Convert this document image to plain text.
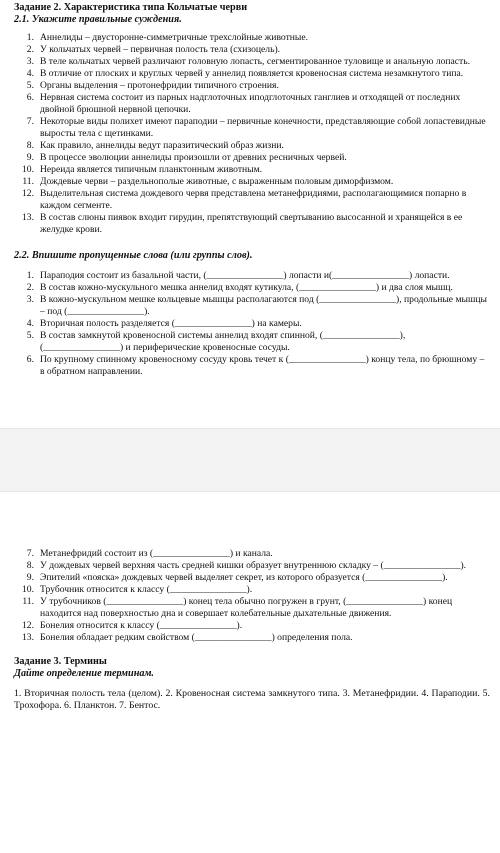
Задание 2. Характеристика типа Кольчатые черви
2.1. Укажите правильные суждения.
1. Аннелиды – двусторонне-симметричные трехслойные животные.
2. У кольчатых червей – первичная полость тела (схизоцель).
3. В теле кольчатых червей различают головную лопасть, сегментированное туловище и анальную лопасть.
4. В отличие от плоских и круглых червей у аннелид появляется кровеносная система незамкнутого типа.
5. Органы выделения – протонефридии типичного строения.
6. Нервная система состоит из парных надглоточных иподглоточных ганглиев и отходящей от последних двойной брюшной нервной цепочки.
7. Некоторые виды полихет имеют параподии – первичные конечности, представляющие собой лопастевидные выросты тела с щетинками.
8. Как правило, аннелиды ведут паразитический образ жизни.
9. В процессе эволюции аннелиды произошли от древних ресничных червей.
10. Нереида является типичным планктонным животным.
11. Дождевые черви – раздельнополые животные, с выраженным половым диморфизмом.
12. Выделительная система дождевого червя представлена метанефридиями, располагающимися попарно в каждом сегменте.
13. В состав слюны пиявок входит гирудин, препятствующий свертыванию высосанной и хранящейся в ее желудке крови.
2.2. Впишите пропущенные слова (или группы слов).
1. Параподия состоит из базальной части, (________________) лопасти и(________________) лопасти.
2. В состав кожно-мускульного мешка аннелид входят кутикула, (________________) и два слоя мышц.
3. В кожно-мускульном мешке кольцевые мышцы располагаются под (________________), продольные мышцы – под (________________).
4. Вторичная полость разделяется (________________) на камеры.
5. В состав замкнутой кровеносной системы аннелид входят спинной, (________________), (________________) и периферические кровеносные сосуды.
6. По крупному спинному кровеносному сосуду кровь течет к (________________) концу тела, по брюшному – в обратном направлении.
7. Метанефридий состоит из (________________) и канала.
8. У дождевых червей верхняя часть средней кишки образует внутреннюю складку – (________________).
9. Эпителий «пояска» дождевых червей выделяет секрет, из которого образуется (________________).
10. Трубочник относится к классу (________________).
11. У трубочников (________________) конец тела обычно погружен в грунт, (________________) конец находится над поверхностью дна и совершает колебательные дыхательные движения.
12. Бонелия относится к классу (________________).
13. Бонелия обладает редким свойством (________________) определения пола.
Задание 3. Термины
Дайте определение терминам.

1. Вторичная полость тела (целом). 2. Кровеносная система замкнутого типа. 3. Метанефридии. 4. Параподии. 5. Трохофора. 6. Планктон. 7. Бентос.
